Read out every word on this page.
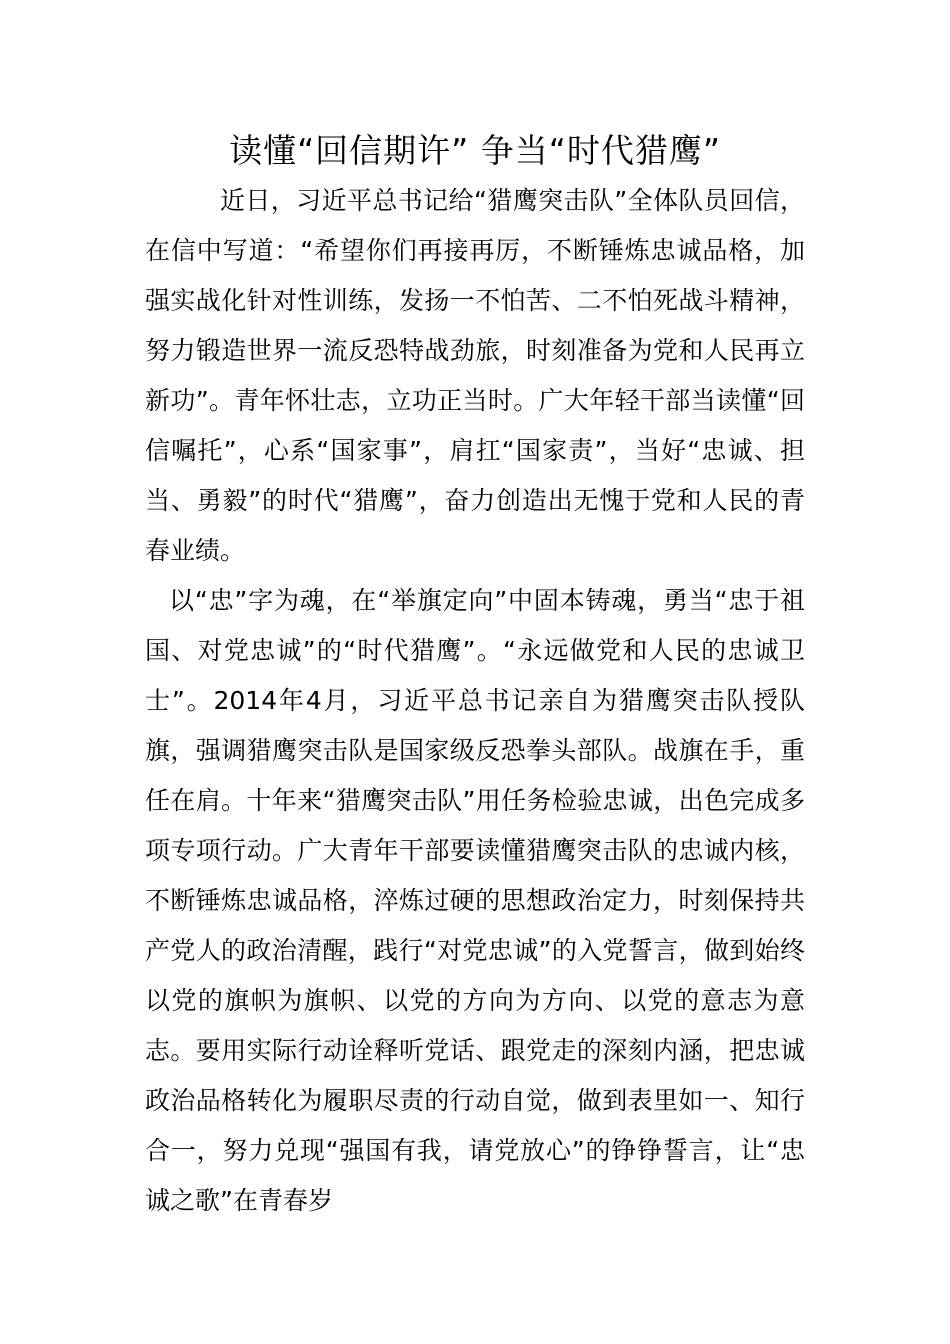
读懂“回信期许” 争当“时代猎鹰”

近日，习近平总书记给“猎鹰突击队”全体队员回信，在信中写道：“希望你们再接再厉，不断锤炼忠诚品格，加强实战化针对性训练，发扬一不怕苦、二不怕死战斗精神，努力锻造世界一流反恐特战劲旅，时刻准备为党和人民再立新功”。青年怀壮志，立功正当时。广大年轻干部当读懂“回信嘱托”，心系“国家事”，肩扛“国家责”，当好“忠诚、担当、勇毅”的时代“猎鹰”，奋力创造出无愧于党和人民的青春业绩。

以“忠”字为魂，在“举旗定向”中固本铸魂，勇当“忠于祖国、对党忠诚”的“时代猎鹰”。“永远做党和人民的忠诚卫士”。2014年4月，习近平总书记亲自为猎鹰突击队授队旗，强调猎鹰突击队是国家级反恐拳头部队。战旗在手，重任在肩。十年来“猎鹰突击队”用任务检验忠诚，出色完成多项专项行动。广大青年干部要读懂猎鹰突击队的忠诚内核，不断锤炼忠诚品格，淬炼过硬的思想政治定力，时刻保持共产党人的政治清醒，践行“对党忠诚”的入党誓言，做到始终以党的旗帜为旗帜、以党的方向为方向、以党的意志为意志。要用实际行动诠释听党话、跟党走的深刻内涵，把忠诚政治品格转化为履职尽责的行动自觉，做到表里如一、知行合一，努力兑现“强国有我，请党放心”的铮铮誓言，让“忠诚之歌”在青春岁
